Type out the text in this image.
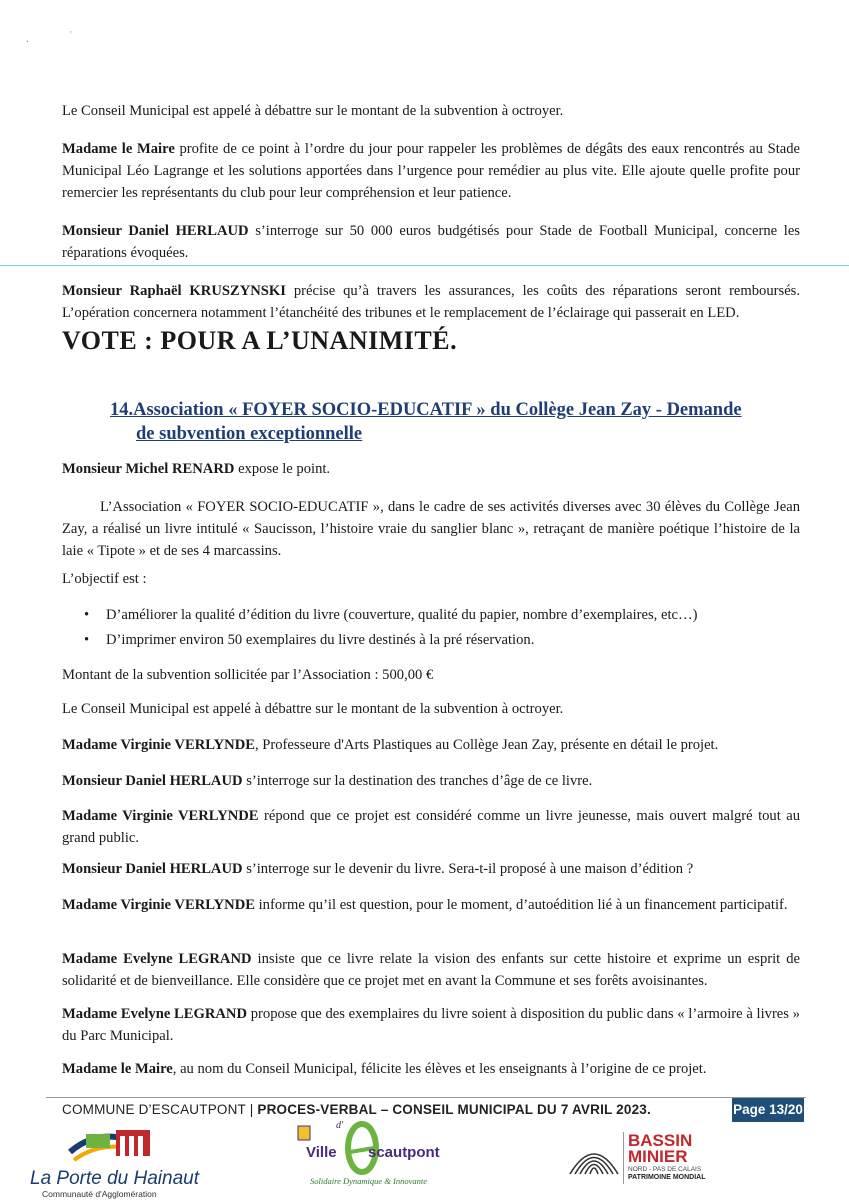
.	'

Le Conseil Municipal est appelé à débattre sur le montant de la subvention à octroyer.

Madame le Maire profite de ce point à l’ordre du jour pour rappeler les problèmes de dégâts des eaux rencontrés au Stade Municipal Léo Lagrange et les solutions apportées dans l’urgence pour remédier au plus vite. Elle ajoute quelle profite pour remercier les représentants du club pour leur compréhension et leur patience.

Monsieur Daniel HERLAUD s’interroge sur 50 000 euros budgétisés pour Stade de Football Municipal, concerne les réparations évoquées.

Monsieur Raphaël KRUSZYNSKI précise qu’à travers les assurances, les coûts des réparations seront remboursés. L’opération concernera notamment l’étanchéité des tribunes et le remplacement de l’éclairage qui passerait en LED.

VOTE : POUR A L’UNANIMITÉ.
14.Association « FOYER SOCIO-EDUCATIF » du Collège Jean Zay - Demande
de subvention exceptionnelle

Monsieur Michel RENARD expose le point.

L’Association « FOYER SOCIO-EDUCATIF », dans le cadre de ses activités diverses avec 30 élèves du Collège Jean Zay, a réalisé un livre intitulé « Saucisson, l’histoire vraie du sanglier blanc », retraçant de manière poétique l’histoire de la laie « Tipote » et de ses 4 marcassins.

L’objectif est :

• D’améliorer la qualité d’édition du livre (couverture, qualité du papier, nombre d’exemplaires, etc…)
• D’imprimer environ 50 exemplaires du livre destinés à la pré réservation.

Montant de la subvention sollicitée par l’Association : 500,00 €

Le Conseil Municipal est appelé à débattre sur le montant de la subvention à octroyer.

Madame Virginie VERLYNDE, Professeure d'Arts Plastiques au Collège Jean Zay, présente en détail le projet.

Monsieur Daniel HERLAUD s’interroge sur la destination des tranches d’âge de ce livre.

Madame Virginie VERLYNDE répond que ce projet est considéré comme un livre jeunesse, mais ouvert malgré tout au grand public.

Monsieur Daniel HERLAUD s’interroge sur le devenir du livre. Sera-t-il proposé à une maison d’édition ?

Madame Virginie VERLYNDE informe qu’il est question, pour le moment, d’autoédition lié à un financement participatif.

Madame Evelyne LEGRAND insiste que ce livre relate la vision des enfants sur cette histoire et exprime un esprit de solidarité et de bienveillance. Elle considère que ce projet met en avant la Commune et ses forêts avoisinantes.

Madame Evelyne LEGRAND propose que des exemplaires du livre soient à disposition du public dans « l’armoire à livres » du Parc Municipal.

Madame le Maire, au nom du Conseil Municipal, félicite les élèves et les enseignants à l’origine de ce projet.

COMMUNE D’ESCAUTPONT | PROCES-VERBAL – CONSEIL MUNICIPAL DU 7 AVRIL 2023.	Page 13/20
La Porte du Hainaut
Communauté d'Agglomération
d'
Ville scautpont
Solidaire Dynamique & Innovante
BASSIN
MINIER
NORD - PAS DE CALAIS
PATRIMOINE MONDIAL
